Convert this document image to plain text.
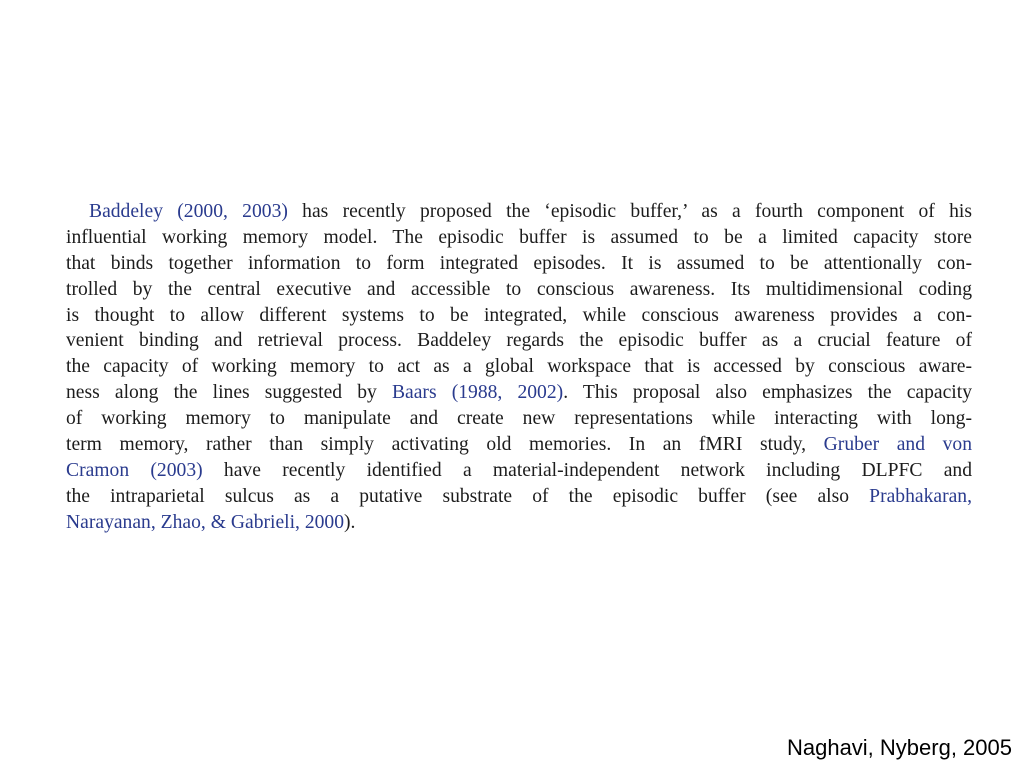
Baddeley (2000, 2003) has recently proposed the ‘episodic buffer,’ as a fourth component of his
influential working memory model. The episodic buffer is assumed to be a limited capacity store
that binds together information to form integrated episodes. It is assumed to be attentionally con-
trolled by the central executive and accessible to conscious awareness. Its multidimensional coding
is thought to allow different systems to be integrated, while conscious awareness provides a con-
venient binding and retrieval process. Baddeley regards the episodic buffer as a crucial feature of
the capacity of working memory to act as a global workspace that is accessed by conscious aware-
ness along the lines suggested by Baars (1988, 2002). This proposal also emphasizes the capacity
of working memory to manipulate and create new representations while interacting with long-
term memory, rather than simply activating old memories. In an fMRI study, Gruber and von
Cramon (2003) have recently identified a material-independent network including DLPFC and
the intraparietal sulcus as a putative substrate of the episodic buffer (see also Prabhakaran,
Narayanan, Zhao, & Gabrieli, 2000).
Naghavi, Nyberg, 2005
